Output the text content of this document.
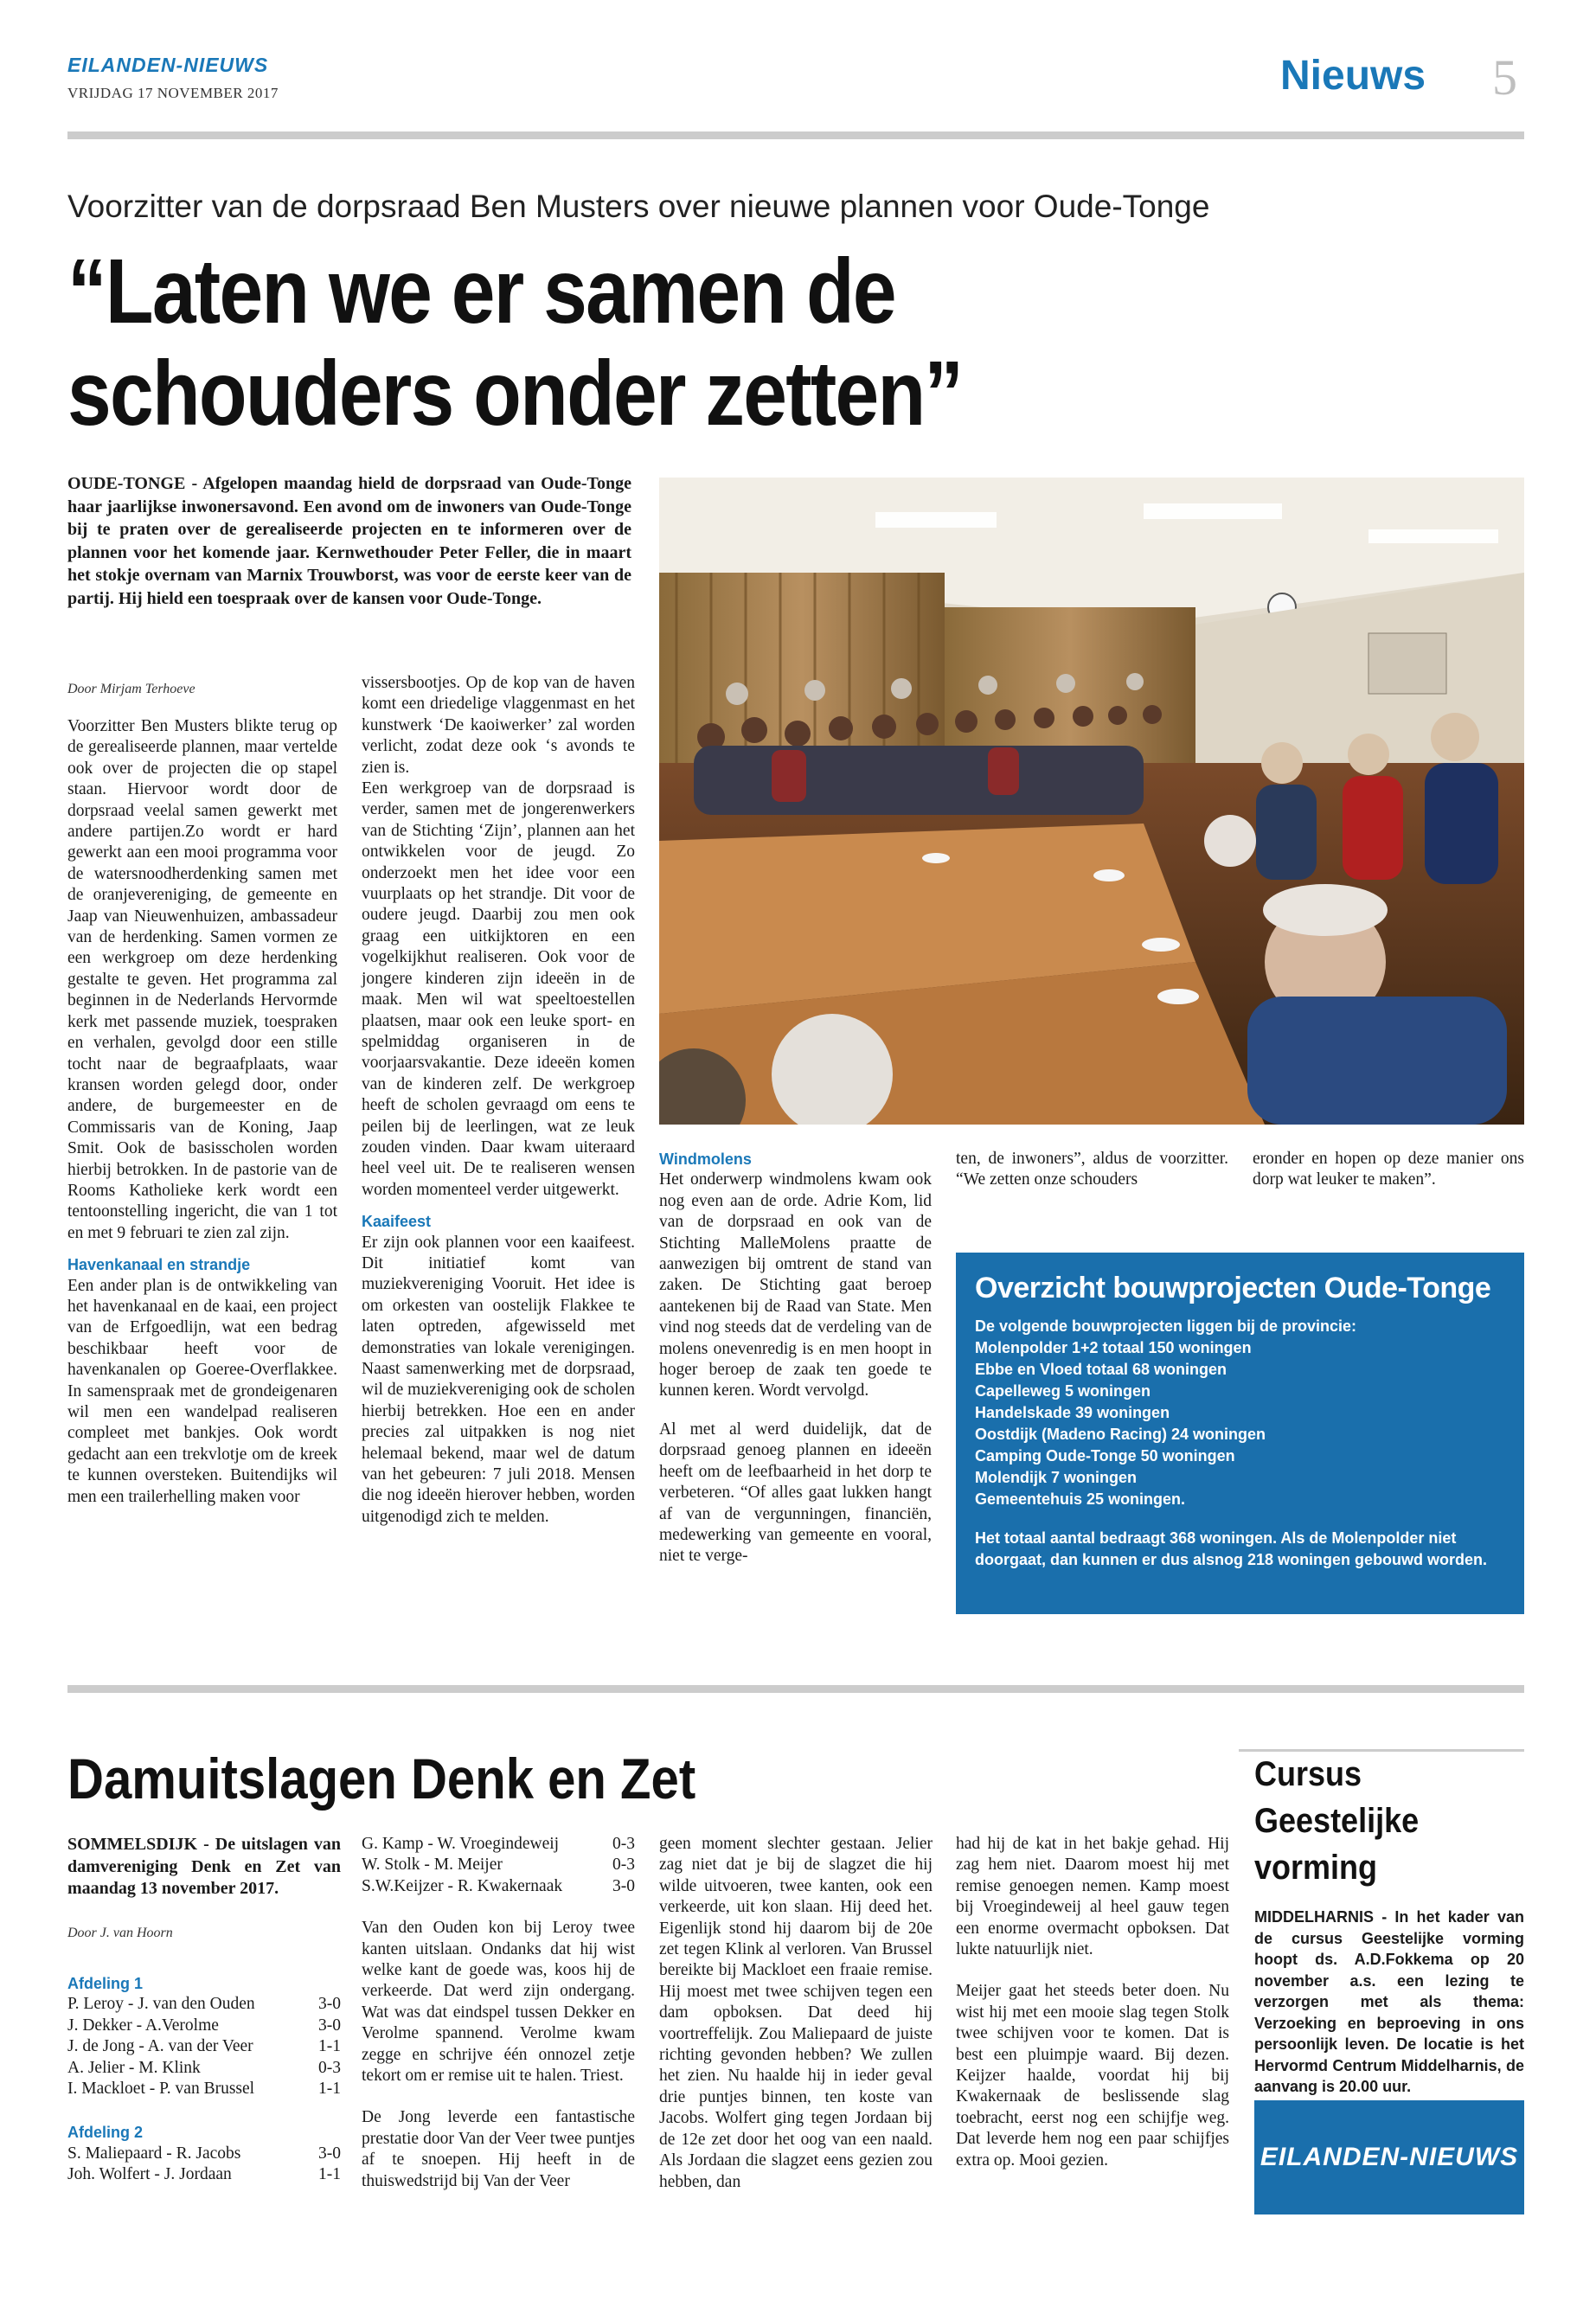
EILANDEN-NIEUWS
VRIJDAG 17 NOVEMBER 2017	Nieuws 5
Voorzitter van de dorpsraad Ben Musters over nieuwe plannen voor Oude-Tonge
“Laten we er samen de
schouders onder zetten”

OUDE-TONGE - Afgelopen maandag hield de dorpsraad van Oude-Tonge haar jaarlijkse inwonersavond. Een avond om de inwoners van Oude-Tonge bij te praten over de gerealiseerde projecten en te informeren over de plannen voor het komende jaar. Kernwethouder Peter Feller, die in maart het stokje overnam van Marnix Trouwborst, was voor de eerste keer van de partij. Hij hield een toespraak over de kansen voor Oude-Tonge.

Door Mirjam Terhoeve

Voorzitter Ben Musters blikte terug op de gerealiseerde plannen, maar vertelde ook over de projecten die op stapel staan. Hiervoor wordt door de dorpsraad veelal samen gewerkt met andere partijen.Zo wordt er hard gewerkt aan een mooi programma voor de watersnoodherdenking samen met de oranjevereniging, de gemeente en Jaap van Nieuwenhuizen, ambassadeur van de herdenking. Samen vormen ze een werkgroep om deze herdenking gestalte te geven. Het programma zal beginnen in de Nederlands Hervormde kerk met passende muziek, toespraken en verhalen, gevolgd door een stille tocht naar de begraafplaats, waar kransen worden gelegd door, onder andere, de burgemeester en de Commissaris van de Koning, Jaap Smit. Ook de basisscholen worden hierbij betrokken. In de pastorie van de Rooms Katholieke kerk wordt een tentoonstelling ingericht, die van 1 tot en met 9 februari te zien zal zijn.

Havenkanaal en strandje

Een ander plan is de ontwikkeling van het havenkanaal en de kaai, een project van de Erfgoedlijn, wat een bedrag beschikbaar heeft voor de havenkanalen op Goeree-Overflakkee. In samenspraak met de grondeigenaren wil men een wandelpad realiseren compleet met bankjes. Ook wordt gedacht aan een trekvlotje om de kreek te kunnen oversteken. Buitendijks wil men een trailerhelling maken voor

vissersbootjes. Op de kop van de haven komt een driedelige vlaggenmast en het kunstwerk ‘De kaoiwerker’ zal worden verlicht, zodat deze ook ‘s avonds te zien is.

Een werkgroep van de dorpsraad is verder, samen met de jongerenwerkers van de Stichting ‘Zijn’, plannen aan het ontwikkelen voor de jeugd. Zo onderzoekt men het idee voor een vuurplaats op het strandje. Dit voor de oudere jeugd. Daarbij zou men ook graag een uitkijktoren en een vogelkijkhut realiseren. Ook voor de jongere kinderen zijn ideeën in de maak. Men wil wat speeltoestellen plaatsen, maar ook een leuke sport- en spelmiddag organiseren in de voorjaarsvakantie. Deze ideeën komen van de kinderen zelf. De werkgroep heeft de scholen gevraagd om eens te peilen bij de leerlingen, wat ze leuk zouden vinden. Daar kwam uiteraard heel veel uit. De te realiseren wensen worden momenteel verder uitgewerkt.

Kaaifeest

Er zijn ook plannen voor een kaaifeest. Dit initiatief komt van muziekvereniging Vooruit. Het idee is om orkesten van oostelijk Flakkee te laten optreden, afgewisseld met demonstraties van lokale verenigingen. Naast samenwerking met de dorpsraad, wil de muziekvereniging ook de scholen hierbij betrekken. Hoe een en ander precies zal uitpakken is nog niet helemaal bekend, maar wel de datum van het gebeuren: 7 juli 2018. Mensen die nog ideeën hierover hebben, worden uitgenodigd zich te melden.

Windmolens

Het onderwerp windmolens kwam ook nog even aan de orde. Adrie Kom, lid van de dorpsraad en ook van de Stichting MalleMolens praatte de aanwezigen bij omtrent de stand van zaken. De Stichting gaat beroep aantekenen bij de Raad van State. Men vind nog steeds dat de verdeling van de molens onevenredig is en men hoopt in hoger beroep de zaak ten goede te kunnen keren. Wordt vervolgd.

Al met al werd duidelijk, dat de dorpsraad genoeg plannen en ideeën heeft om de leefbaarheid in het dorp te verbeteren. “Of alles gaat lukken hangt af van de vergunningen, financiën, medewerking van gemeente en vooral, niet te verge-

ten, de inwoners”, aldus de voorzitter. “We zetten onze schouders

eronder en hopen op deze manier ons dorp wat leuker te maken”.

Overzicht bouwprojecten Oude-Tonge
De volgende bouwprojecten liggen bij de provincie:
Molenpolder 1+2 totaal 150 woningen
Ebbe en Vloed totaal 68 woningen
Capelleweg 5 woningen
Handelskade 39 woningen
Oostdijk (Madeno Racing) 24 woningen
Camping Oude-Tonge 50 woningen
Molendijk 7 woningen
Gemeentehuis 25 woningen.
Het totaal aantal bedraagt 368 woningen. Als de Molenpolder niet doorgaat, dan kunnen er dus alsnog 218 woningen gebouwd worden.
Damuitslagen Denk en Zet

SOMMELSDIJK - De uitslagen van damvereniging Denk en Zet van maandag 13 november 2017.

Door J. van Hoorn
Afdeling 1
P. Leroy - J. van den Ouden	3-0
J. Dekker - A.Verolme	3-0
J. de Jong - A. van der Veer	1-1
A. Jelier - M. Klink	0-3
I. Mackloet - P. van Brussel	1-1
Afdeling 2
S. Maliepaard - R. Jacobs	3-0
Joh. Wolfert - J. Jordaan	1-1
G. Kamp - W. Vroegindeweij	0-3
W. Stolk - M. Meijer	0-3
S.W.Keijzer - R. Kwakernaak	3-0

Van den Ouden kon bij Leroy twee kanten uitslaan. Ondanks dat hij wist welke kant de goede was, koos hij de verkeerde. Dat werd zijn ondergang. Wat was dat eindspel tussen Dekker en Verolme spannend. Verolme kwam zegge en schrijve één onnozel zetje tekort om er remise uit te halen. Triest.

De Jong leverde een fantastische prestatie door Van der Veer twee puntjes af te snoepen. Hij heeft in de thuiswedstrijd bij Van der Veer

geen moment slechter gestaan. Jelier zag niet dat je bij de slagzet die hij wilde uitvoeren, twee kanten, ook een verkeerde, uit kon slaan. Hij deed het. Eigenlijk stond hij daarom bij de 20e zet tegen Klink al verloren. Van Brussel bereikte bij Mackloet een fraaie remise. Hij moest met twee schijven tegen een dam opboksen. Dat deed hij voortreffelijk. Zou Maliepaard de juiste richting gevonden hebben? We zullen het zien. Nu haalde hij in ieder geval drie puntjes binnen, ten koste van Jacobs. Wolfert ging tegen Jordaan bij de 12e zet door het oog van een naald. Als Jordaan die slagzet eens gezien zou hebben, dan

had hij de kat in het bakje gehad. Hij zag hem niet. Daarom moest hij met remise genoegen nemen. Kamp moest bij Vroegindeweij al heel gauw tegen een enorme overmacht opboksen. Dat lukte natuurlijk niet.

Meijer gaat het steeds beter doen. Nu wist hij met een mooie slag tegen Stolk twee schijven voor te komen. Dat is best een pluimpje waard. Bij dezen. Keijzer haalde, voordat hij bij Kwakernaak de beslissende slag toebracht, eerst nog een schijfje weg. Dat leverde hem nog een paar schijfjes extra op. Mooi gezien.

Cursus
Geestelijke
vorming

MIDDELHARNIS - In het kader van de cursus Geestelijke vorming hoopt ds. A.D.Fokkema op 20 november a.s. een lezing te verzorgen met als thema: Verzoeking en beproeving in ons persoonlijk leven. De locatie is het Hervormd Centrum Middelharnis, de aanvang is 20.00 uur.

EILANDEN-NIEUWS
